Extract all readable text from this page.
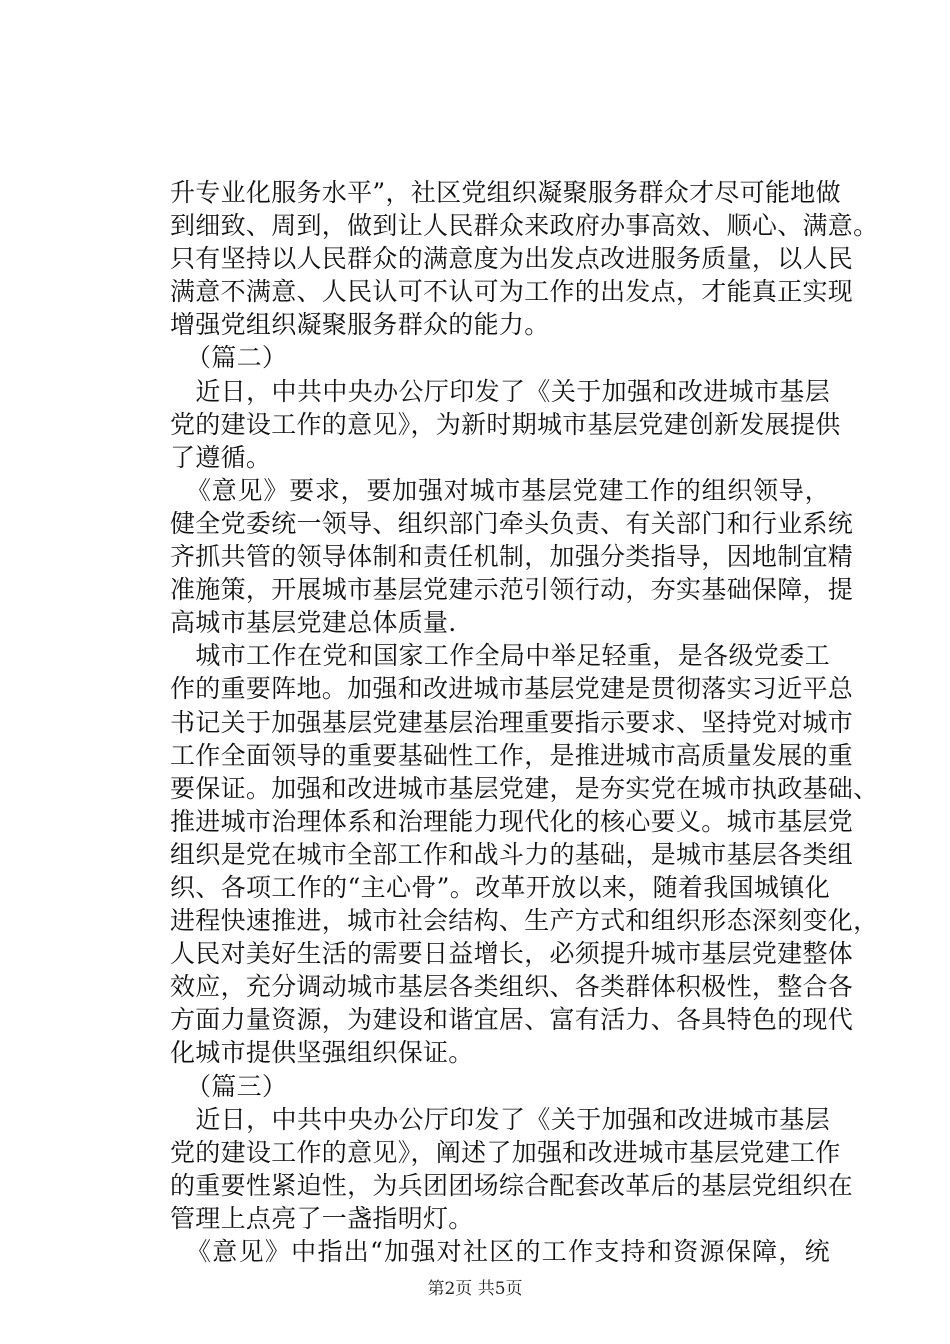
升专业化服务水平”，社区党组织凝聚服务群众才尽可能地做
到细致、周到，做到让人民群众来政府办事高效、顺心、满意。
只有坚持以人民群众的满意度为出发点改进服务质量，以人民
满意不满意、人民认可不认可为工作的出发点，才能真正实现
增强党组织凝聚服务群众的能力。
（篇二）
　近日，中共中央办公厅印发了《关于加强和改进城市基层
党的建设工作的意见》，为新时期城市基层党建创新发展提供
了遵循。
《意见》要求，要加强对城市基层党建工作的组织领导，
健全党委统一领导、组织部门牵头负责、有关部门和行业系统
齐抓共管的领导体制和责任机制，加强分类指导，因地制宜精
准施策，开展城市基层党建示范引领行动，夯实基础保障，提
高城市基层党建总体质量.
　城市工作在党和国家工作全局中举足轻重，是各级党委工
作的重要阵地。加强和改进城市基层党建是贯彻落实习近平总
书记关于加强基层党建基层治理重要指示要求、坚持党对城市
工作全面领导的重要基础性工作，是推进城市高质量发展的重
要保证。加强和改进城市基层党建，是夯实党在城市执政基础、
推进城市治理体系和治理能力现代化的核心要义。城市基层党
组织是党在城市全部工作和战斗力的基础，是城市基层各类组
织、各项工作的“主心骨”。改革开放以来，随着我国城镇化
进程快速推进，城市社会结构、生产方式和组织形态深刻变化，
人民对美好生活的需要日益增长，必须提升城市基层党建整体
效应，充分调动城市基层各类组织、各类群体积极性，整合各
方面力量资源，为建设和谐宜居、富有活力、各具特色的现代
化城市提供坚强组织保证。
（篇三）
　近日，中共中央办公厅印发了《关于加强和改进城市基层
党的建设工作的意见》，阐述了加强和改进城市基层党建工作
的重要性紧迫性，为兵团团场综合配套改革后的基层党组织在
管理上点亮了一盏指明灯。
《意见》中指出“加强对社区的工作支持和资源保障，统
第2页 共5页
